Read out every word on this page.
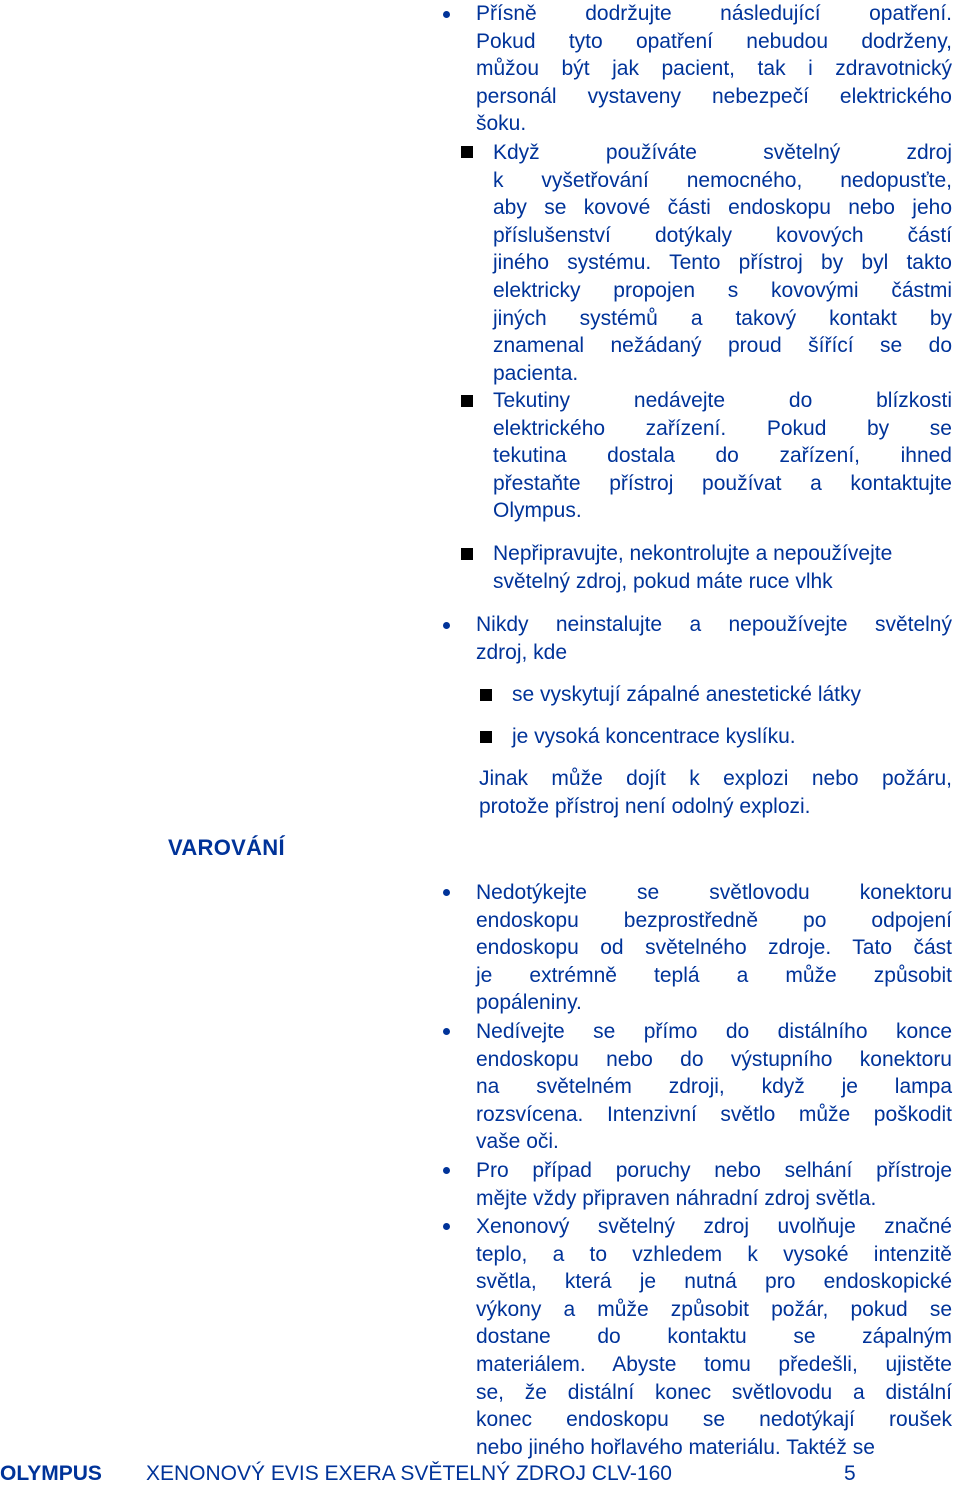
Přísně dodržujte následující opatření.
Pokud tyto opatření nebudou dodrženy,
můžou být jak pacient, tak i zdravotnický
personál vystaveny nebezpečí elektrického
šoku.
Když používáte světelný zdroj
k vyšetřování nemocného, nedopusťte,
aby se kovové části endoskopu nebo jeho
příslušenství dotýkaly kovových částí
jiného systému. Tento přístroj by byl takto
elektricky propojen s kovovými částmi
jiných systémů a takový kontakt by
znamenal nežádaný proud šířící se do
pacienta.
Tekutiny nedávejte do blízkosti
elektrického zařízení. Pokud by se
tekutina dostala do zařízení, ihned
přestaňte přístroj používat a kontaktujte
Olympus.
Nepřipravujte, nekontrolujte a nepoužívejte
světelný zdroj, pokud máte ruce vlhk
Nikdy neinstalujte a nepoužívejte světelný
zdroj, kde
se vyskytují zápalné anestetické látky
je vysoká koncentrace kyslíku.
Jinak může dojít k explozi nebo požáru,
protože přístroj není odolný explozi.
VAROVÁNÍ
Nedotýkejte se světlovodu konektoru
endoskopu bezprostředně po odpojení
endoskopu od světelného zdroje. Tato část
je extrémně teplá a může způsobit
popáleniny.
Nedívejte se přímo do distálního konce
endoskopu nebo do výstupního konektoru
na světelném zdroji, když je lampa
rozsvícena. Intenzivní světlo může poškodit
vaše oči.
Pro případ poruchy nebo selhání přístroje
mějte vždy připraven náhradní zdroj světla.
Xenonový světelný zdroj uvolňuje značné
teplo, a to vzhledem k vysoké intenzitě
světla, která je nutná pro endoskopické
výkony a může způsobit požár, pokud se
dostane do kontaktu se zápalným
materiálem. Abyste tomu předešli, ujistěte
se, že distální konec světlovodu a distální
konec endoskopu se nedotýkají roušek
nebo jiného hořlavého materiálu. Taktéž se
OLYMPUS XENONOVÝ EVIS EXERA SVĚTELNÝ ZDROJ CLV-160	5
